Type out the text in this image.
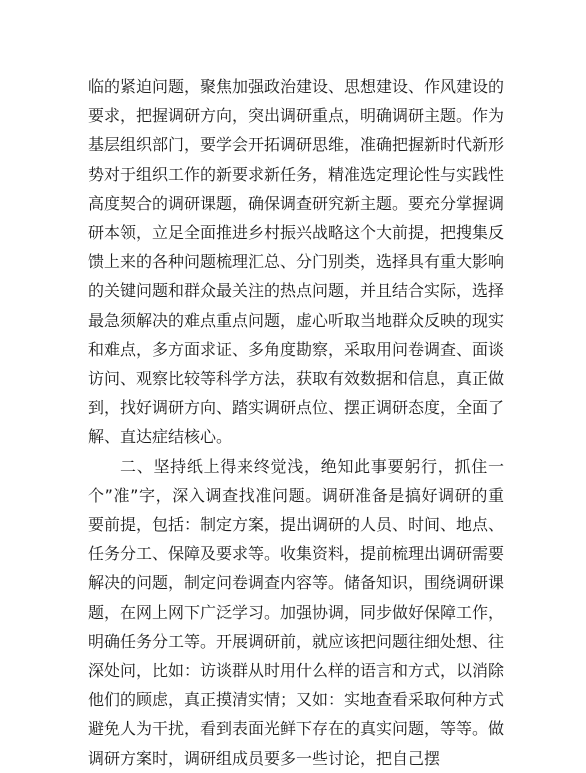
临的紧迫问题，聚焦加强政治建设、思想建设、作风建设的要求，把握调研方向，突出调研重点，明确调研主题。作为基层组织部门，要学会开拓调研思维，准确把握新时代新形势对于组织工作的新要求新任务，精准选定理论性与实践性高度契合的调研课题，确保调查研究新主题。要充分掌握调研本领，立足全面推进乡村振兴战略这个大前提，把搜集反馈上来的各种问题梳理汇总、分门别类，选择具有重大影响的关键问题和群众最关注的热点问题，并且结合实际，选择最急须解决的难点重点问题，虚心听取当地群众反映的现实和难点，多方面求证、多角度勘察，采取用问卷调查、面谈访问、观察比较等科学方法，获取有效数据和信息，真正做到，找好调研方向、踏实调研点位、摆正调研态度，全面了解、直达症结核心。

二、坚持纸上得来终觉浅，绝知此事要躬行，抓住一个”准”字，深入调查找准问题。调研准备是搞好调研的重要前提，包括：制定方案，提出调研的人员、时间、地点、任务分工、保障及要求等。收集资料，提前梳理出调研需要解决的问题，制定问卷调查内容等。储备知识，围绕调研课题，在网上网下广泛学习。加强协调，同步做好保障工作，明确任务分工等。开展调研前，就应该把问题往细处想、往深处问，比如：访谈群从时用什么样的语言和方式，以消除他们的顾虑，真正摸清实情；又如：实地查看采取何种方式避免人为干扰，看到表面光鲜下存在的真实问题，等等。做调研方案时，调研组成员要多一些讨论，把自己摆
